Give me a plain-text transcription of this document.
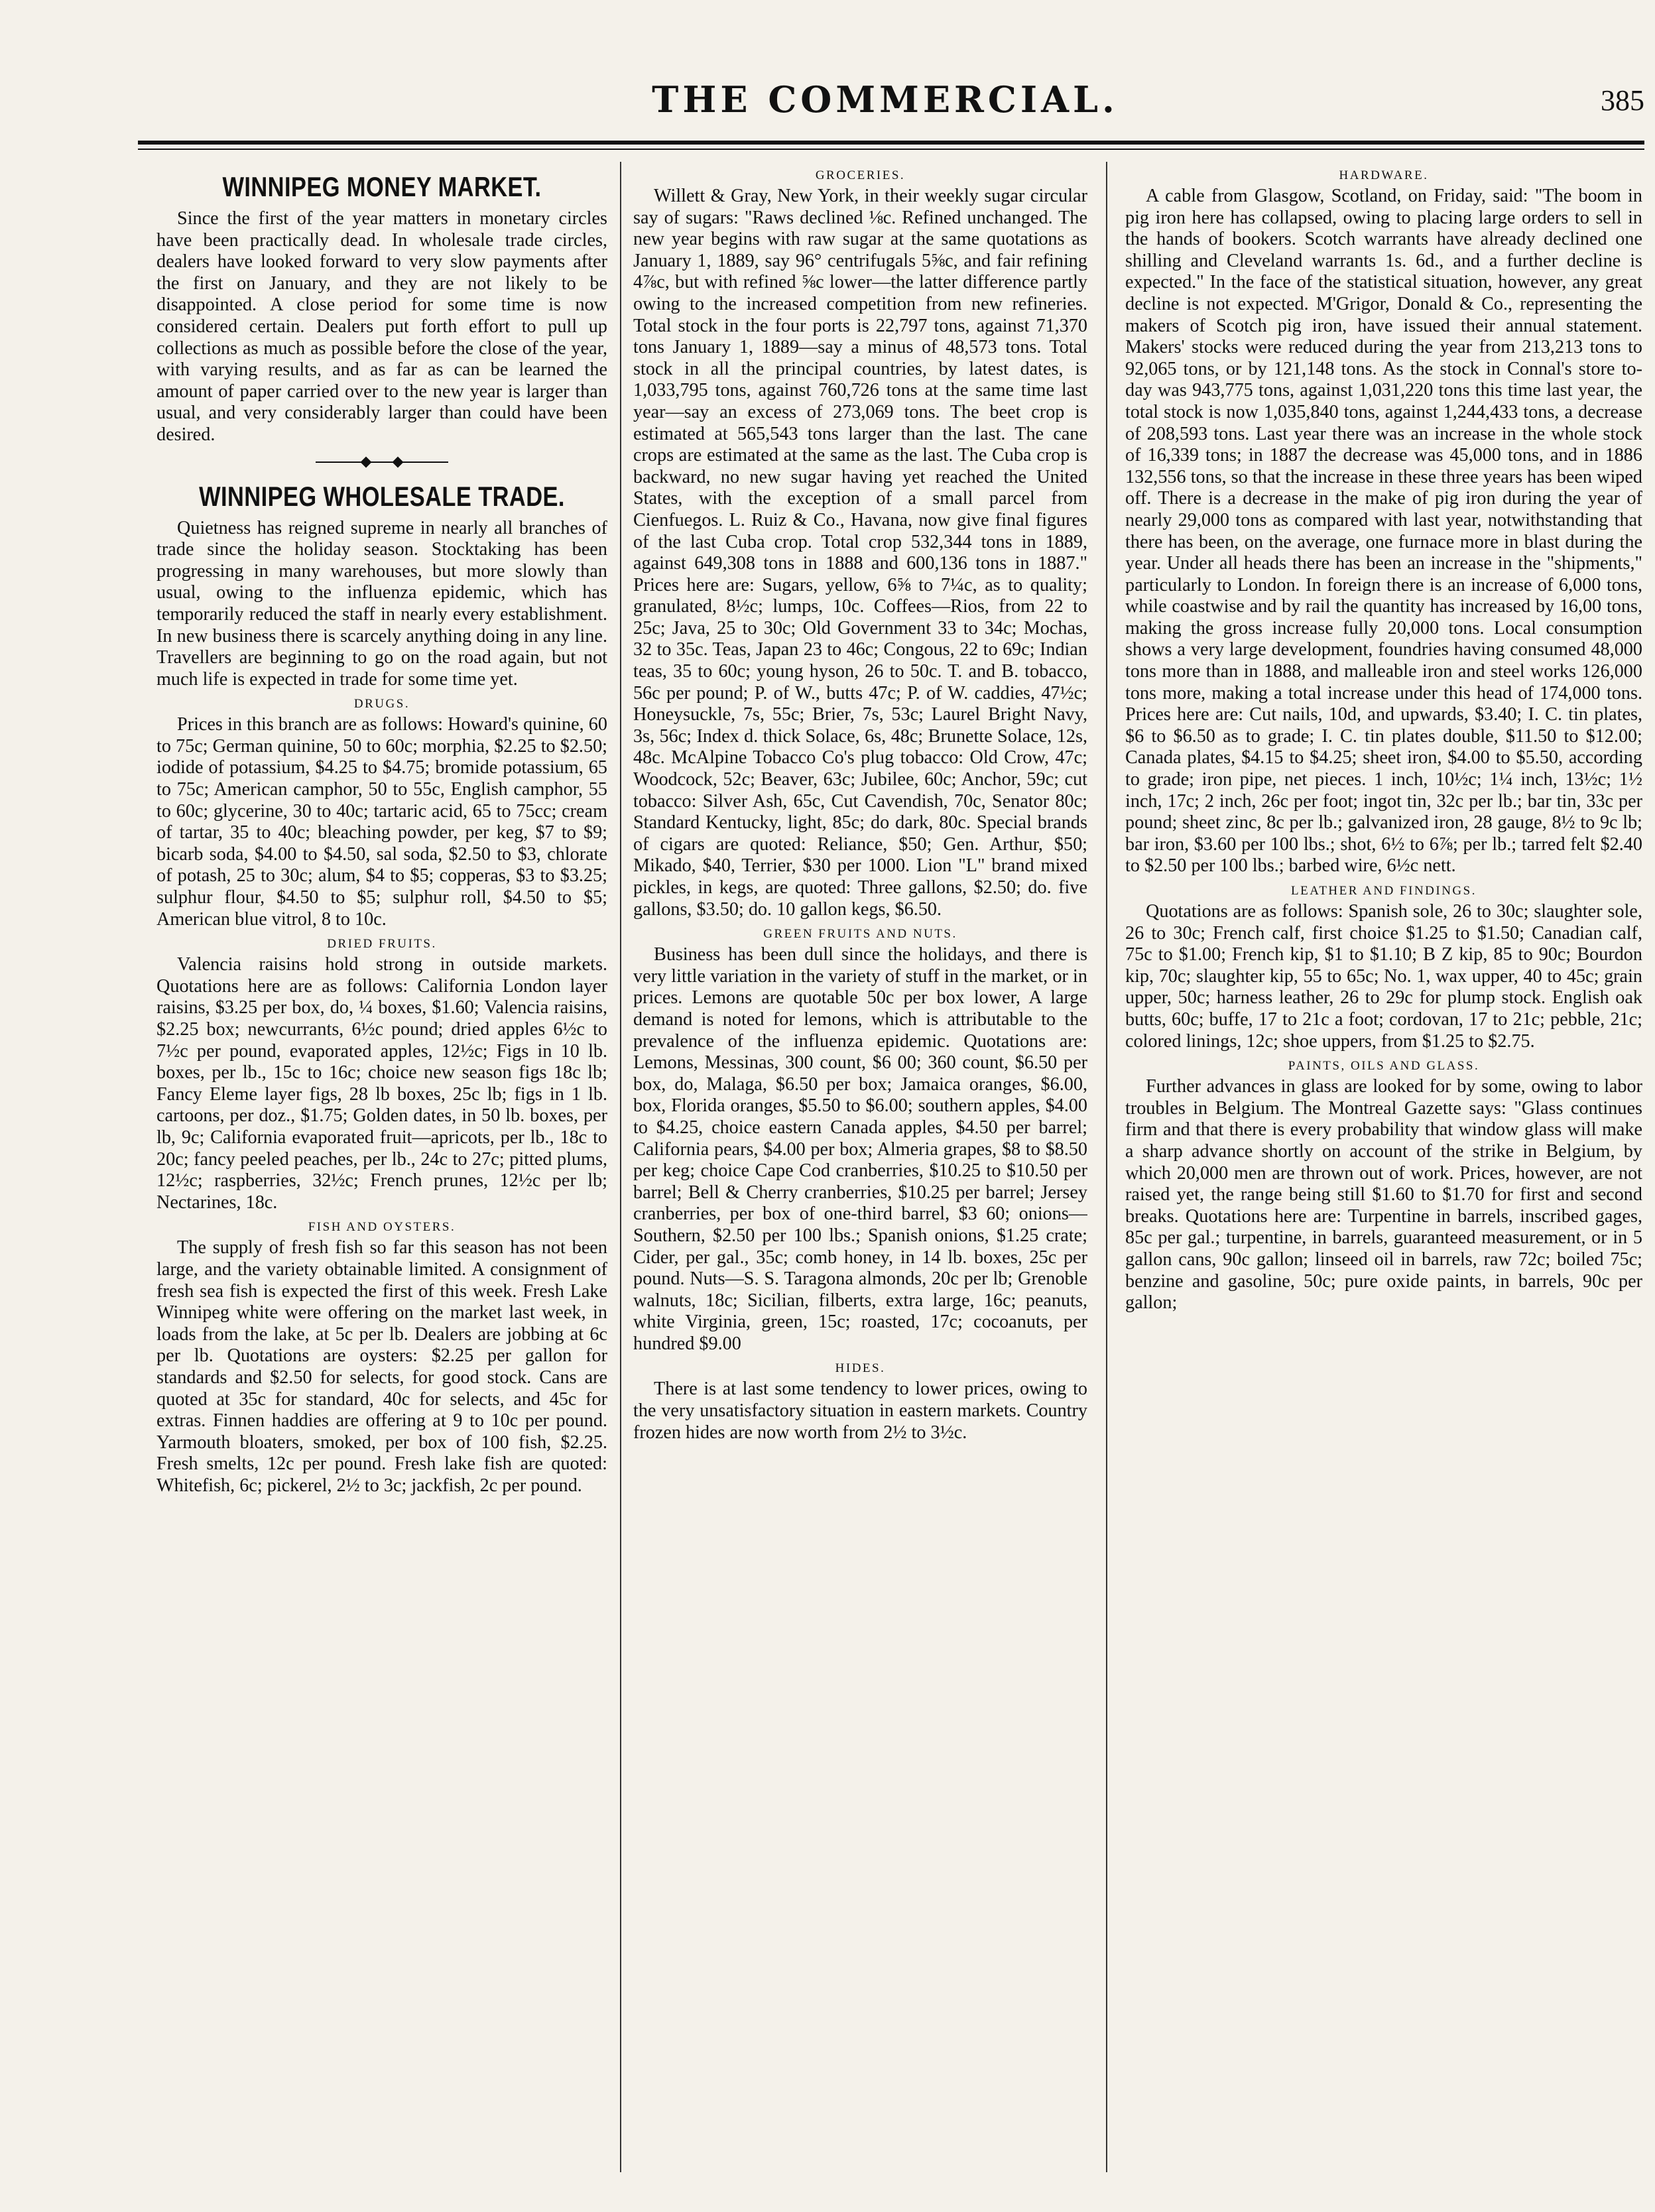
THE COMMERCIAL.	385
WINNIPEG MONEY MARKET.

Since the first of the year matters in monetary circles have been practically dead. In wholesale trade circles, dealers have looked forward to very slow payments after the first on January, and they are not likely to be disappointed. A close period for some time is now considered certain. Dealers put forth effort to pull up collections as much as possible before the close of the year, with varying results, and as far as can be learned the amount of paper carried over to the new year is larger than usual, and very considerably larger than could have been desired.

WINNIPEG WHOLESALE TRADE.

Quietness has reigned supreme in nearly all branches of trade since the holiday season. Stocktaking has been progressing in many warehouses, but more slowly than usual, owing to the influenza epidemic, which has temporarily reduced the staff in nearly every establishment. In new business there is scarcely anything doing in any line. Travellers are beginning to go on the road again, but not much life is expected in trade for some time yet.

DRUGS.

Prices in this branch are as follows: Howard's quinine, 60 to 75c; German quinine, 50 to 60c; morphia, $2.25 to $2.50; iodide of potassium, $4.25 to $4.75; bromide potassium, 65 to 75c; American camphor, 50 to 55c, English camphor, 55 to 60c; glycerine, 30 to 40c; tartaric acid, 65 to 75cc; cream of tartar, 35 to 40c; bleaching powder, per keg, $7 to $9; bicarb soda, $4.00 to $4.50, sal soda, $2.50 to $3, chlorate of potash, 25 to 30c; alum, $4 to $5; copperas, $3 to $3.25; sulphur flour, $4.50 to $5; sulphur roll, $4.50 to $5; American blue vitrol, 8 to 10c.

DRIED FRUITS.

Valencia raisins hold strong in outside markets. Quotations here are as follows: California London layer raisins, $3.25 per box, do, ¼ boxes, $1.60; Valencia raisins, $2.25 box; newcurrants, 6½c pound; dried apples 6½c to 7½c per pound, evaporated apples, 12½c; Figs in 10 lb. boxes, per lb., 15c to 16c; choice new season figs 18c lb; Fancy Eleme layer figs, 28 lb boxes, 25c lb; figs in 1 lb. cartoons, per doz., $1.75; Golden dates, in 50 lb. boxes, per lb, 9c; California evaporated fruit—apricots, per lb., 18c to 20c; fancy peeled peaches, per lb., 24c to 27c; pitted plums, 12½c; raspberries, 32½c; French prunes, 12½c per lb; Nectarines, 18c.

FISH AND OYSTERS.

The supply of fresh fish so far this season has not been large, and the variety obtainable limited. A consignment of fresh sea fish is expected the first of this week. Fresh Lake Winnipeg white were offering on the market last week, in loads from the lake, at 5c per lb. Dealers are jobbing at 6c per lb. Quotations are oysters: $2.25 per gallon for standards and $2.50 for selects, for good stock. Cans are quoted at 35c for standard, 40c for selects, and 45c for extras. Finnen haddies are offering at 9 to 10c per pound. Yarmouth bloaters, smoked, per box of 100 fish, $2.25. Fresh smelts, 12c per pound. Fresh lake fish are quoted: Whitefish, 6c; pickerel, 2½ to 3c; jackfish, 2c per pound.

GROCERIES.

Willett & Gray, New York, in their weekly sugar circular say of sugars: "Raws declined ⅛c. Refined unchanged. The new year begins with raw sugar at the same quotations as January 1, 1889, say 96° centrifugals 5⅝c, and fair refining 4⅞c, but with refined ⅝c lower—the latter difference partly owing to the increased competition from new refineries. Total stock in the four ports is 22,797 tons, against 71,370 tons January 1, 1889—say a minus of 48,573 tons. Total stock in all the principal countries, by latest dates, is 1,033,795 tons, against 760,726 tons at the same time last year—say an excess of 273,069 tons. The beet crop is estimated at 565,543 tons larger than the last. The cane crops are estimated at the same as the last. The Cuba crop is backward, no new sugar having yet reached the United States, with the exception of a small parcel from Cienfuegos. L. Ruiz & Co., Havana, now give final figures of the last Cuba crop. Total crop 532,344 tons in 1889, against 649,308 tons in 1888 and 600,136 tons in 1887." Prices here are: Sugars, yellow, 6⅝ to 7¼c, as to quality; granulated, 8½c; lumps, 10c. Coffees—Rios, from 22 to 25c; Java, 25 to 30c; Old Government 33 to 34c; Mochas, 32 to 35c. Teas, Japan 23 to 46c; Congous, 22 to 69c; Indian teas, 35 to 60c; young hyson, 26 to 50c. T. and B. tobacco, 56c per pound; P. of W., butts 47c; P. of W. caddies, 47½c; Honeysuckle, 7s, 55c; Brier, 7s, 53c; Laurel Bright Navy, 3s, 56c; Index d. thick Solace, 6s, 48c; Brunette Solace, 12s, 48c. McAlpine Tobacco Co's plug tobacco: Old Crow, 47c; Woodcock, 52c; Beaver, 63c; Jubilee, 60c; Anchor, 59c; cut tobacco: Silver Ash, 65c, Cut Cavendish, 70c, Senator 80c; Standard Kentucky, light, 85c; do dark, 80c. Special brands of cigars are quoted: Reliance, $50; Gen. Arthur, $50; Mikado, $40, Terrier, $30 per 1000. Lion "L" brand mixed pickles, in kegs, are quoted: Three gallons, $2.50; do. five gallons, $3.50; do. 10 gallon kegs, $6.50.

GREEN FRUITS AND NUTS.

Business has been dull since the holidays, and there is very little variation in the variety of stuff in the market, or in prices. Lemons are quotable 50c per box lower, A large demand is noted for lemons, which is attributable to the prevalence of the influenza epidemic. Quotations are: Lemons, Messinas, 300 count, $6 00; 360 count, $6.50 per box, do, Malaga, $6.50 per box; Jamaica oranges, $6.00, box, Florida oranges, $5.50 to $6.00; southern apples, $4.00 to $4.25, choice eastern Canada apples, $4.50 per barrel; California pears, $4.00 per box; Almeria grapes, $8 to $8.50 per keg; choice Cape Cod cranberries, $10.25 to $10.50 per barrel; Bell & Cherry cranberries, $10.25 per barrel; Jersey cranberries, per box of one-third barrel, $3 60; onions—Southern, $2.50 per 100 lbs.; Spanish onions, $1.25 crate; Cider, per gal., 35c; comb honey, in 14 lb. boxes, 25c per pound. Nuts—S. S. Taragona almonds, 20c per lb; Grenoble walnuts, 18c; Sicilian, filberts, extra large, 16c; peanuts, white Virginia, green, 15c; roasted, 17c; cocoanuts, per hundred $9.00

HIDES.

There is at last some tendency to lower prices, owing to the very unsatisfactory situation in eastern markets. Country frozen hides are now worth from 2½ to 3½c.

HARDWARE.

A cable from Glasgow, Scotland, on Friday, said: "The boom in pig iron here has collapsed, owing to placing large orders to sell in the hands of bookers. Scotch warrants have already declined one shilling and Cleveland warrants 1s. 6d., and a further decline is expected." In the face of the statistical situation, however, any great decline is not expected. M'Grigor, Donald & Co., representing the makers of Scotch pig iron, have issued their annual statement. Makers' stocks were reduced during the year from 213,213 tons to 92,065 tons, or by 121,148 tons. As the stock in Connal's store to-day was 943,775 tons, against 1,031,220 tons this time last year, the total stock is now 1,035,840 tons, against 1,244,433 tons, a decrease of 208,593 tons. Last year there was an increase in the whole stock of 16,339 tons; in 1887 the decrease was 45,000 tons, and in 1886 132,556 tons, so that the increase in these three years has been wiped off. There is a decrease in the make of pig iron during the year of nearly 29,000 tons as compared with last year, notwithstanding that there has been, on the average, one furnace more in blast during the year. Under all heads there has been an increase in the "shipments," particularly to London. In foreign there is an increase of 6,000 tons, while coastwise and by rail the quantity has increased by 16,00 tons, making the gross increase fully 20,000 tons. Local consumption shows a very large development, foundries having consumed 48,000 tons more than in 1888, and malleable iron and steel works 126,000 tons more, making a total increase under this head of 174,000 tons. Prices here are: Cut nails, 10d, and upwards, $3.40; I. C. tin plates, $6 to $6.50 as to grade; I. C. tin plates double, $11.50 to $12.00; Canada plates, $4.15 to $4.25; sheet iron, $4.00 to $5.50, according to grade; iron pipe, net pieces. 1 inch, 10½c; 1¼ inch, 13½c; 1½ inch, 17c; 2 inch, 26c per foot; ingot tin, 32c per lb.; bar tin, 33c per pound; sheet zinc, 8c per lb.; galvanized iron, 28 gauge, 8½ to 9c lb; bar iron, $3.60 per 100 lbs.; shot, 6½ to 6⅞; per lb.; tarred felt $2.40 to $2.50 per 100 lbs.; barbed wire, 6½c nett.

LEATHER AND FINDINGS.

Quotations are as follows: Spanish sole, 26 to 30c; slaughter sole, 26 to 30c; French calf, first choice $1.25 to $1.50; Canadian calf, 75c to $1.00; French kip, $1 to $1.10; B Z kip, 85 to 90c; Bourdon kip, 70c; slaughter kip, 55 to 65c; No. 1, wax upper, 40 to 45c; grain upper, 50c; harness leather, 26 to 29c for plump stock. English oak butts, 60c; buffe, 17 to 21c a foot; cordovan, 17 to 21c; pebble, 21c; colored linings, 12c; shoe uppers, from $1.25 to $2.75.

PAINTS, OILS AND GLASS.

Further advances in glass are looked for by some, owing to labor troubles in Belgium. The Montreal Gazette says: "Glass continues firm and that there is every probability that window glass will make a sharp advance shortly on account of the strike in Belgium, by which 20,000 men are thrown out of work. Prices, however, are not raised yet, the range being still $1.60 to $1.70 for first and second breaks. Quotations here are: Turpentine in barrels, inscribed gages, 85c per gal.; turpentine, in barrels, guaranteed measurement, or in 5 gallon cans, 90c gallon; linseed oil in barrels, raw 72c; boiled 75c; benzine and gasoline, 50c; pure oxide paints, in barrels, 90c per gallon;
